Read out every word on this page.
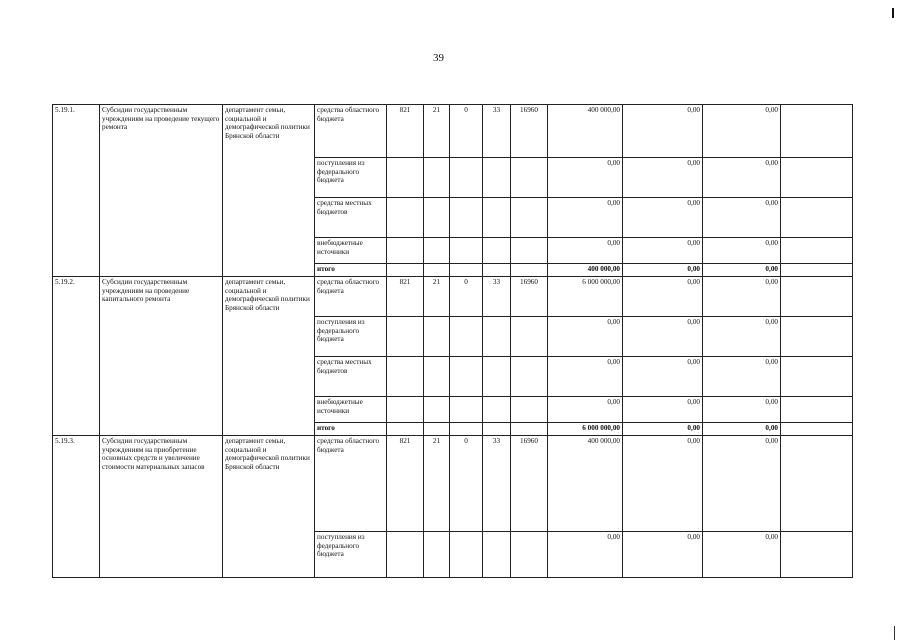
39
5.19.1.	Субсидии государственным учреждениям на проведение текущего ремонта	департамент семьи, социальной и демографической политики Брянской области	средства областного бюджета	821	21	0	33	16960	400 000,00	0,00	0,00	
			поступления из федерального бюджета						0,00	0,00	0,00	
			средства местных бюджетов						0,00	0,00	0,00	
			внебюджетные источники						0,00	0,00	0,00	
			итого						400 000,00	0,00	0,00	
5.19.2.	Субсидии государственным учреждениям на проведение капитального ремонта	департамент семьи, социальной и демографической политики Брянской области	средства областного бюджета	821	21	0	33	16960	6 000 000,00	0,00	0,00	
			поступления из федерального бюджета						0,00	0,00	0,00	
			средства местных бюджетов						0,00	0,00	0,00	
			внебюджетные источники						0,00	0,00	0,00	
			итого						6 000 000,00	0,00	0,00	
5.19.3.	Субсидии государственным учреждениям на приобретение основных средств и увеличение стоимости материальных запасов	департамент семьи, социальной и демографической политики Брянской области	средства областного бюджета	821	21	0	33	16960	400 000,00	0,00	0,00	
			поступления из федерального бюджета						0,00	0,00	0,00	
